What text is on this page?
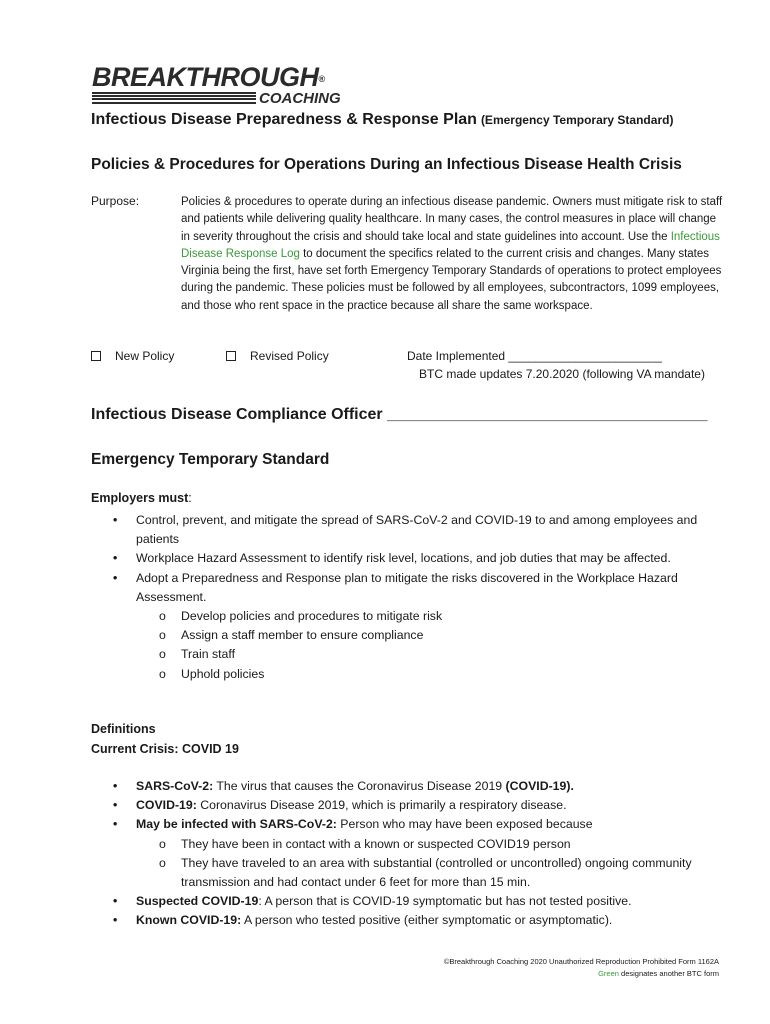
BREAKTHROUGH®
COACHING
Infectious Disease Preparedness & Response Plan (Emergency Temporary Standard)
Policies & Procedures for Operations During an Infectious Disease Health Crisis
Purpose:	Policies & procedures to operate during an infectious disease pandemic. Owners must mitigate risk to staff and patients while delivering quality healthcare. In many cases, the control measures in place will change in severity throughout the crisis and should take local and state guidelines into account. Use the Infectious Disease Response Log to document the specifics related to the current crisis and changes. Many states Virginia being the first, have set forth Emergency Temporary Standards of operations to protect employees during the pandemic. These policies must be followed by all employees, subcontractors, 1099 employees, and those who rent space in the practice because all share the same workspace.
New Policy	Revised Policy	Date Implemented _______________________
BTC made updates 7.20.2020 (following VA mandate)
Infectious Disease Compliance Officer ____________________________________
Emergency Temporary Standard
Employers must:
• Control, prevent, and mitigate the spread of SARS-CoV-2 and COVID-19 to and among employees and patients
• Workplace Hazard Assessment to identify risk level, locations, and job duties that may be affected.
• Adopt a Preparedness and Response plan to mitigate the risks discovered in the Workplace Hazard Assessment.
o Develop policies and procedures to mitigate risk
o Assign a staff member to ensure compliance
o Train staff
o Uphold policies
Definitions
Current Crisis: COVID 19
• SARS-CoV-2: The virus that causes the Coronavirus Disease 2019 (COVID-19).
• COVID-19: Coronavirus Disease 2019, which is primarily a respiratory disease.
• May be infected with SARS-CoV-2: Person who may have been exposed because
o They have been in contact with a known or suspected COVID19 person
o They have traveled to an area with substantial (controlled or uncontrolled) ongoing community transmission and had contact under 6 feet for more than 15 min.
• Suspected COVID-19: A person that is COVID-19 symptomatic but has not tested positive.
• Known COVID-19: A person who tested positive (either symptomatic or asymptomatic).
©Breakthrough Coaching 2020 Unauthorized Reproduction Prohibited Form 1162A
Green designates another BTC form
